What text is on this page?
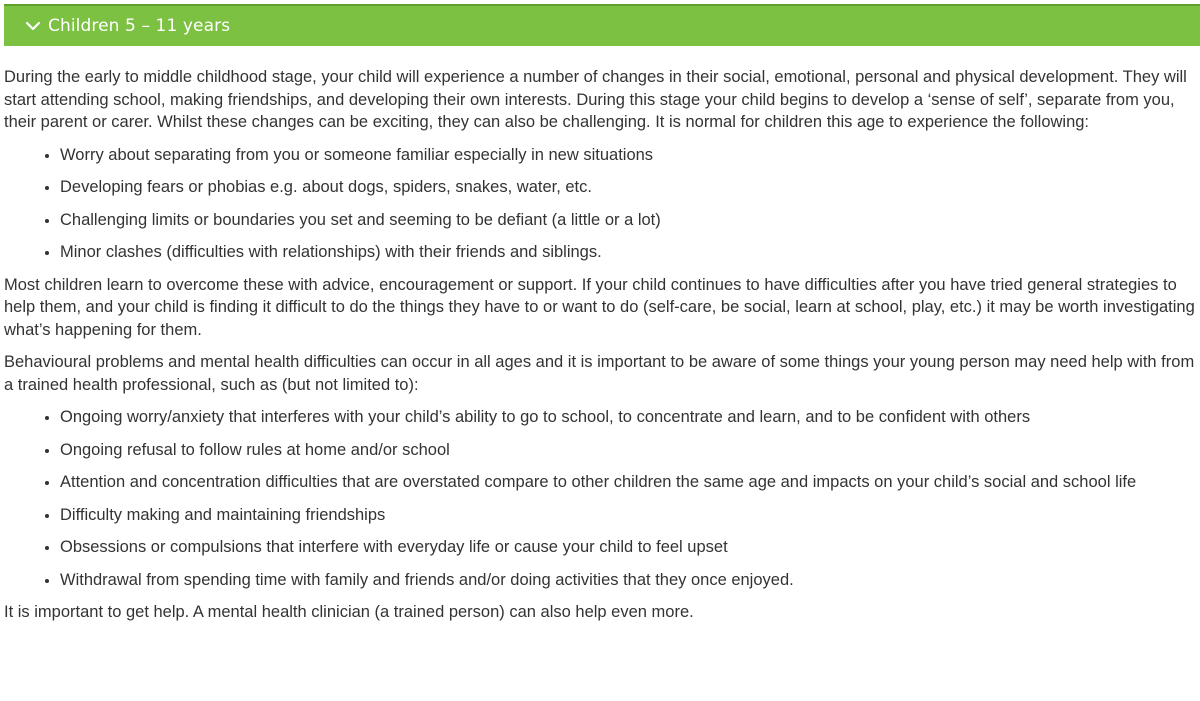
Children 5 – 11 years

During the early to middle childhood stage, your child will experience a number of changes in their social, emotional, personal and physical development. They will start attending school, making friendships, and developing their own interests. During this stage your child begins to develop a ‘sense of self’, separate from you, their parent or carer. Whilst these changes can be exciting, they can also be challenging. It is normal for children this age to experience the following:

• Worry about separating from you or someone familiar especially in new situations
• Developing fears or phobias e.g. about dogs, spiders, snakes, water, etc.
• Challenging limits or boundaries you set and seeming to be defiant (a little or a lot)
• Minor clashes (difficulties with relationships) with their friends and siblings.

Most children learn to overcome these with advice, encouragement or support. If your child continues to have difficulties after you have tried general strategies to help them, and your child is finding it difficult to do the things they have to or want to do (self-care, be social, learn at school, play, etc.) it may be worth investigating what’s happening for them.

Behavioural problems and mental health difficulties can occur in all ages and it is important to be aware of some things your young person may need help with from a trained health professional, such as (but not limited to):

• Ongoing worry/anxiety that interferes with your child’s ability to go to school, to concentrate and learn, and to be confident with others
• Ongoing refusal to follow rules at home and/or school
• Attention and concentration difficulties that are overstated compare to other children the same age and impacts on your child’s social and school life
• Difficulty making and maintaining friendships
• Obsessions or compulsions that interfere with everyday life or cause your child to feel upset
• Withdrawal from spending time with family and friends and/or doing activities that they once enjoyed.

It is important to get help. A mental health clinician (a trained person) can also help even more.
